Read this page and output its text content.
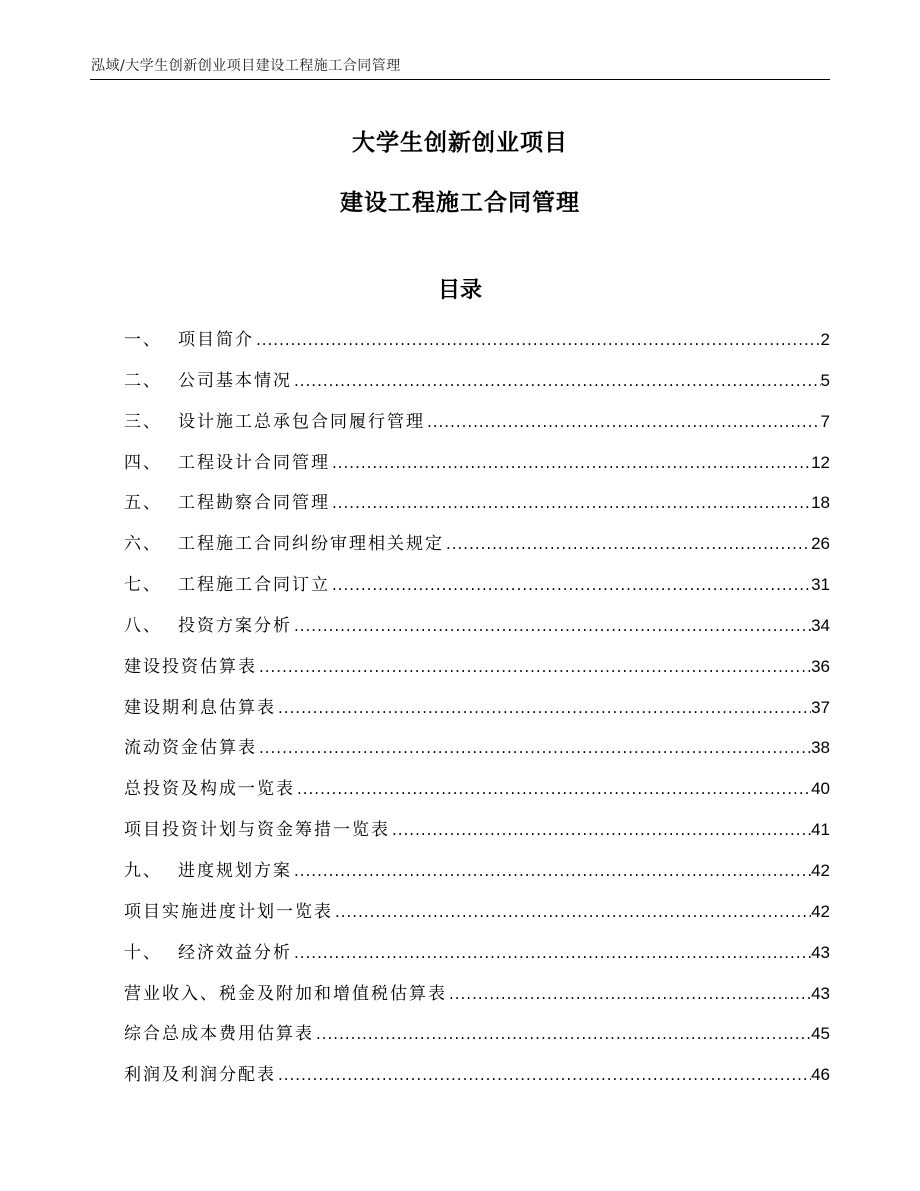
泓域/大学生创新创业项目建设工程施工合同管理
大学生创新创业项目
建设工程施工合同管理
目录
一、 项目简介 .....	2
二、 公司基本情况 .....	5
三、 设计施工总承包合同履行管理 .....	7
四、 工程设计合同管理 .....	12
五、 工程勘察合同管理 .....	18
六、 工程施工合同纠纷审理相关规定 .....	26
七、 工程施工合同订立 .....	31
八、 投资方案分析 .....	34
建设投资估算表 .....	36
建设期利息估算表 .....	37
流动资金估算表 .....	38
总投资及构成一览表 .....	40
项目投资计划与资金筹措一览表 .....	41
九、 进度规划方案 .....	42
项目实施进度计划一览表 .....	42
十、 经济效益分析 .....	43
营业收入、税金及附加和增值税估算表 .....	43
综合总成本费用估算表 .....	45
利润及利润分配表 .....	46
